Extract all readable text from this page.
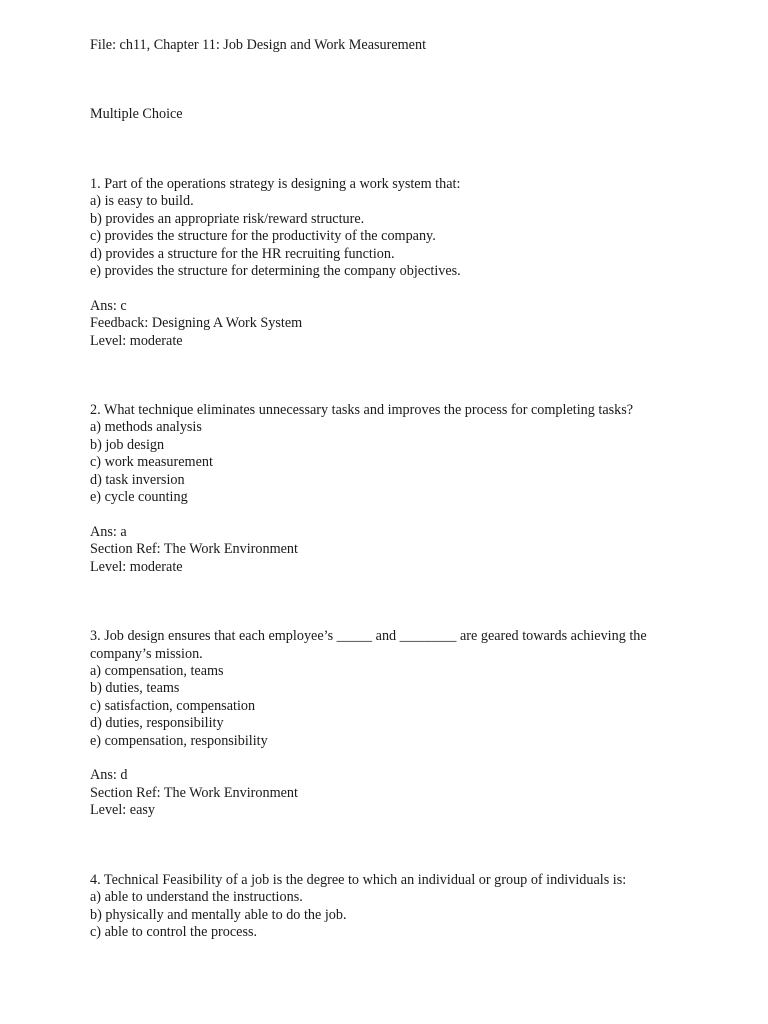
File: ch11, Chapter 11: Job Design and Work Measurement

Multiple Choice

1. Part of the operations strategy is designing a work system that:

a) is easy to build.

b) provides an appropriate risk/reward structure.

c) provides the structure for the productivity of the company.

d) provides a structure for the HR recruiting function.

e) provides the structure for determining the company objectives.

Ans: c

Feedback: Designing A Work System

Level: moderate

2. What technique eliminates unnecessary tasks and improves the process for completing tasks?

a) methods analysis

b) job design

c) work measurement

d) task inversion

e) cycle counting

Ans: a

Section Ref: The Work Environment

Level: moderate

3. Job design ensures that each employee’s _____ and ________ are geared towards achieving the

company’s mission.

a) compensation, teams

b) duties, teams

c) satisfaction, compensation

d) duties, responsibility

e) compensation, responsibility

Ans: d

Section Ref: The Work Environment

Level: easy

4. Technical Feasibility of a job is the degree to which an individual or group of individuals is:

a) able to understand the instructions.

b) physically and mentally able to do the job.

c) able to control the process.
